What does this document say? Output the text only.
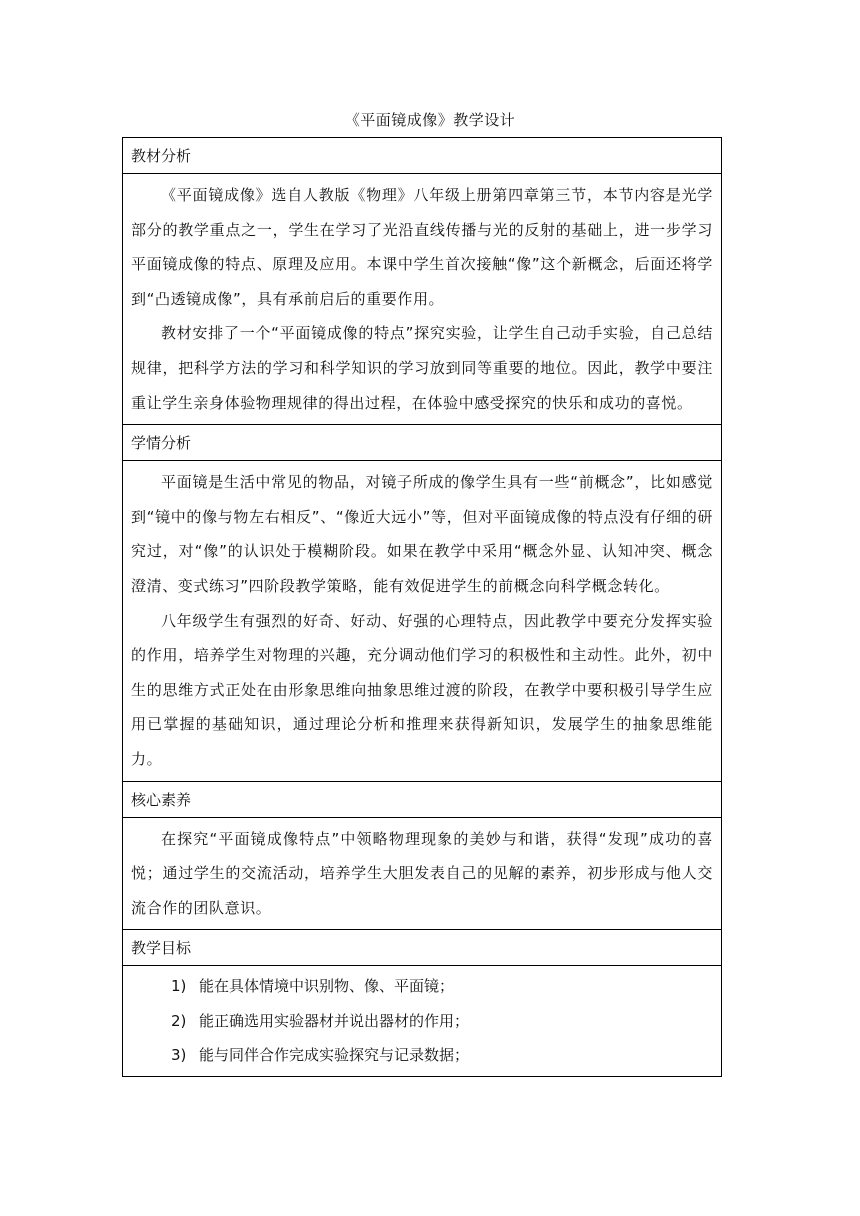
《平面镜成像》教学设计
教材分析

《平面镜成像》选自人教版《物理》八年级上册第四章第三节，本节内容是光学部分的教学重点之一，学生在学习了光沿直线传播与光的反射的基础上，进一步学习平面镜成像的特点、原理及应用。本课中学生首次接触“像”这个新概念，后面还将学到“凸透镜成像”，具有承前启后的重要作用。

教材安排了一个“平面镜成像的特点”探究实验，让学生自己动手实验，自己总结规律，把科学方法的学习和科学知识的学习放到同等重要的地位。因此，教学中要注重让学生亲身体验物理规律的得出过程，在体验中感受探究的快乐和成功的喜悦。

学情分析

平面镜是生活中常见的物品，对镜子所成的像学生具有一些“前概念”，比如感觉到“镜中的像与物左右相反”、“像近大远小”等，但对平面镜成像的特点没有仔细的研究过，对“像”的认识处于模糊阶段。如果在教学中采用“概念外显、认知冲突、概念澄清、变式练习”四阶段教学策略，能有效促进学生的前概念向科学概念转化。

八年级学生有强烈的好奇、好动、好强的心理特点，因此教学中要充分发挥实验的作用，培养学生对物理的兴趣，充分调动他们学习的积极性和主动性。此外，初中生的思维方式正处在由形象思维向抽象思维过渡的阶段，在教学中要积极引导学生应用已掌握的基础知识，通过理论分析和推理来获得新知识，发展学生的抽象思维能力。

核心素养

在探究“平面镜成像特点”中领略物理现象的美妙与和谐，获得“发现”成功的喜悦；通过学生的交流活动，培养学生大胆发表自己的见解的素养，初步形成与他人交流合作的团队意识。

教学目标
1) 能在具体情境中识别物、像、平面镜；
2) 能正确选用实验器材并说出器材的作用；
3) 能与同伴合作完成实验探究与记录数据；
